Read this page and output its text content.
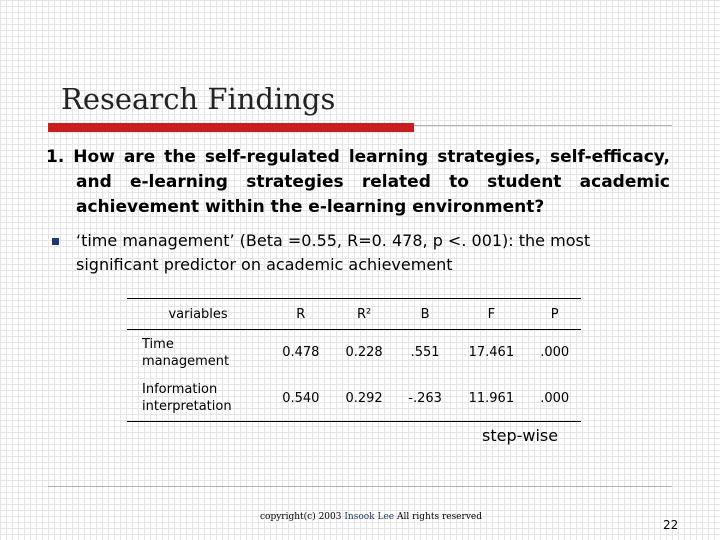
Research Findings
1. How are the self-regulated learning strategies, self-efficacy,
and e-learning strategies related to student academic
achievement within the e-learning environment?
‘time management’ (Beta =0.55, R=0. 478, p <. 001): the most
significant predictor on academic achievement
variables	R	R²	B	F	P
Time
management	0.478	0.228	.551	17.461	.000
Information
interpretation	0.540	0.292	-.263	11.961	.000
step-wise
copyright(c) 2003 Insook Lee All rights reserved
22
